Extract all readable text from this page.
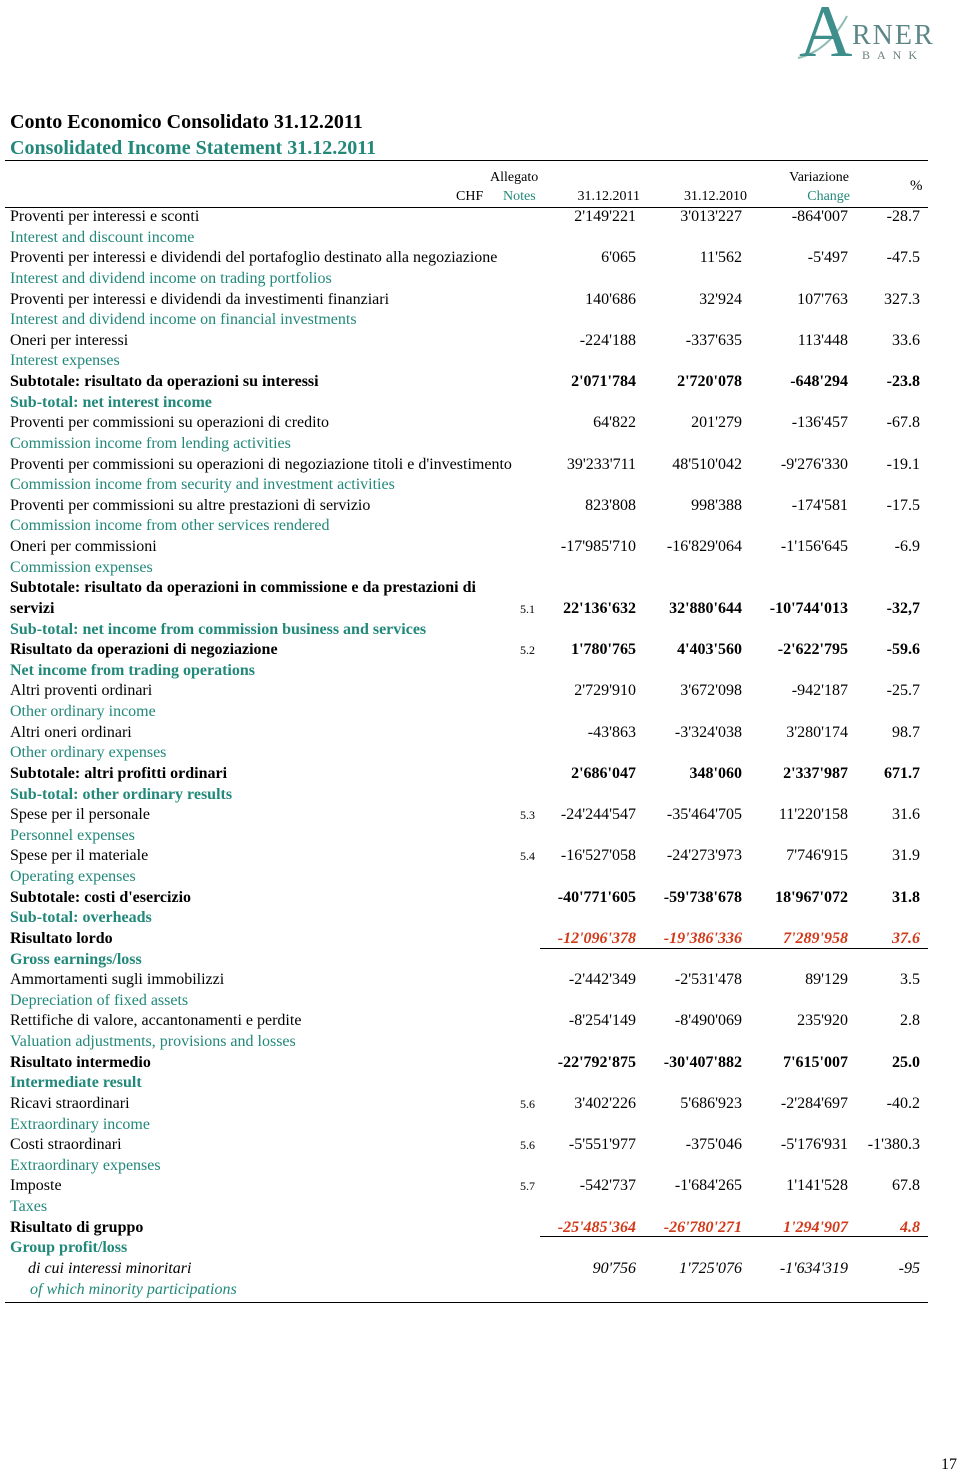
A RNER
BANK
Conto Economico Consolidato 31.12.2011
Consolidated Income Statement 31.12.2011
Allegato	Variazione
%
CHF Notes	31.12.2011	31.12.2010	Change
Proventi per interessi e sconti	2'149'221	3'013'227	-864'007 -28.7
Interest and discount income
Proventi per interessi e dividendi del portafoglio destinato alla negoziazione	6'065	11'562	-5'497 -47.5
Interest and dividend income on trading portfolios
Proventi per interessi e dividendi da investimenti finanziari	140'686	32'924	107'763 327.3
Interest and dividend income on financial investments
Oneri per interessi	-224'188	-337'635	113'448	33.6
Interest expenses
Subtotale: risultato da operazioni su interessi	2'071'784	2'720'078	-648'294 -23.8
Sub-total: net interest income
Proventi per commissioni su operazioni di credito	64'822	201'279	-136'457 -67.8
Commission income from lending activities
Proventi per commissioni su operazioni di negoziazione titoli e d'investimento	39'233'711 48'510'042 -9'276'330 -19.1
Commission income from security and investment activities
Proventi per commissioni su altre prestazioni di servizio	823'808	998'388	-174'581 -17.5
Commission income from other services rendered
Oneri per commissioni	-17'985'710 -16'829'064 -1'156'645	-6.9
Commission expenses
Subtotale: risultato da operazioni in commissione e da prestazioni di servizi	5.1	22'136'632 32'880'644 -10'744'013 -32,7
Sub-total: net income from commission business and services
Risultato da operazioni di negoziazione	5.2	1'780'765	4'403'560 -2'622'795 -59.6
Net income from trading operations
Altri proventi ordinari	2'729'910	3'672'098	-942'187 -25.7
Other ordinary income
Altri oneri ordinari	-43'863 -3'324'038	3'280'174	98.7
Other ordinary expenses
Subtotale: altri profitti ordinari	2'686'047	348'060	2'337'987 671.7
Sub-total: other ordinary results
Spese per il personale	5.3	-24'244'547 -35'464'705 11'220'158	31.6
Personnel expenses
Spese per il materiale	5.4	-16'527'058 -24'273'973	7'746'915	31.9
Operating expenses
Subtotale: costi d'esercizio	-40'771'605 -59'738'678 18'967'072	31.8
Sub-total: overheads
Risultato lordo	-12'096'378 -19'386'336	7'289'958	37.6
Gross earnings/loss
Ammortamenti sugli immobilizzi	-2'442'349 -2'531'478	89'129	3.5
Depreciation of fixed assets
Rettifiche di valore, accantonamenti e perdite	-8'254'149 -8'490'069	235'920	2.8
Valuation adjustments, provisions and losses
Risultato intermedio	-22'792'875 -30'407'882	7'615'007	25.0
Intermediate result
Ricavi straordinari	5.6	3'402'226	5'686'923 -2'284'697 -40.2
Extraordinary income
Costi straordinari	5.6	-5'551'977	-375'046 -5'176'931 -1'380.3
Extraordinary expenses
Imposte	5.7	-542'737 -1'684'265	1'141'528	67.8
Taxes
Risultato di gruppo	-25'485'364 -26'780'271	1'294'907	4.8
Group profit/loss
di cui interessi minoritari	90'756	1'725'076 -1'634'319	-95
of which minority participations
17
